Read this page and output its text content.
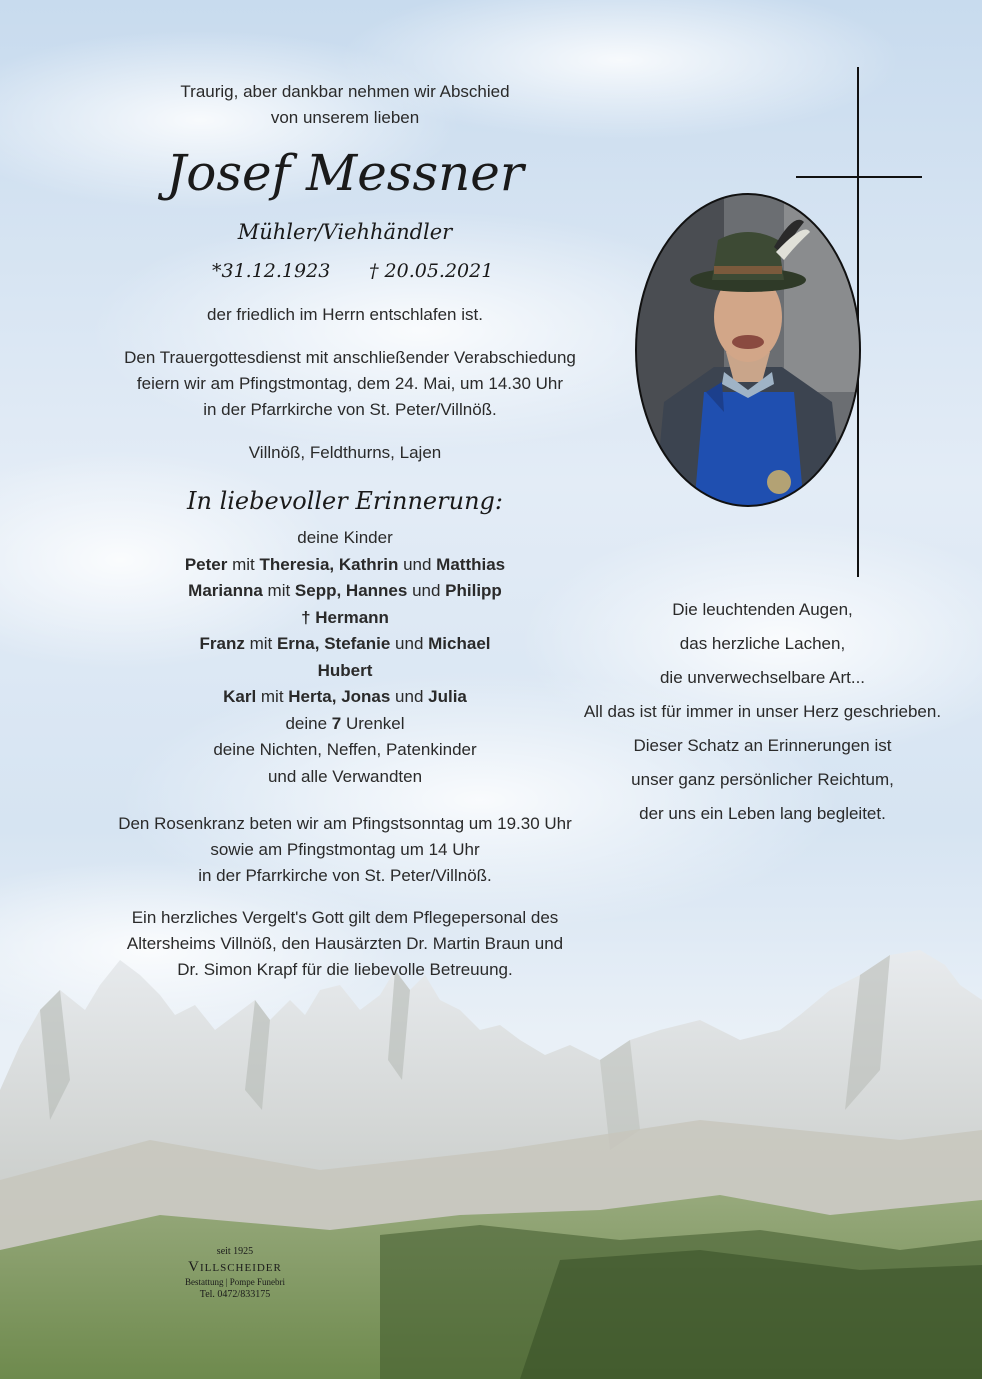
Traurig, aber dankbar nehmen wir Abschied
von unserem lieben
Josef Messner
Mühler/Viehhändler
*31.12.1923	† 20.05.2021
der friedlich im Herrn entschlafen ist.
Den Trauergottesdienst mit anschließender Verabschiedung
feiern wir am Pfingstmontag, dem 24. Mai, um 14.30 Uhr
in der Pfarrkirche von St. Peter/Villnöß.
Villnöß, Feldthurns, Lajen
In liebevoller Erinnerung:
deine Kinder
Peter mit Theresia, Kathrin und Matthias
Marianna mit Sepp, Hannes und Philipp
† Hermann
Franz mit Erna, Stefanie und Michael
Hubert
Karl mit Herta, Jonas und Julia
deine 7 Urenkel
deine Nichten, Neffen, Patenkinder
und alle Verwandten
Den Rosenkranz beten wir am Pfingstsonntag um 19.30 Uhr
sowie am Pfingstmontag um 14 Uhr
in der Pfarrkirche von St. Peter/Villnöß.
Ein herzliches Vergelt's Gott gilt dem Pflegepersonal des
Altersheims Villnöß, den Hausärzten Dr. Martin Braun und
Dr. Simon Krapf für die liebevolle Betreuung.
Die leuchtenden Augen,
das herzliche Lachen,
die unverwechselbare Art...
All das ist für immer in unser Herz geschrieben.
Dieser Schatz an Erinnerungen ist
unser ganz persönlicher Reichtum,
der uns ein Leben lang begleitet.
seit 1925
Villscheider
Bestattung | Pompe Funebri
Tel. 0472/833175
